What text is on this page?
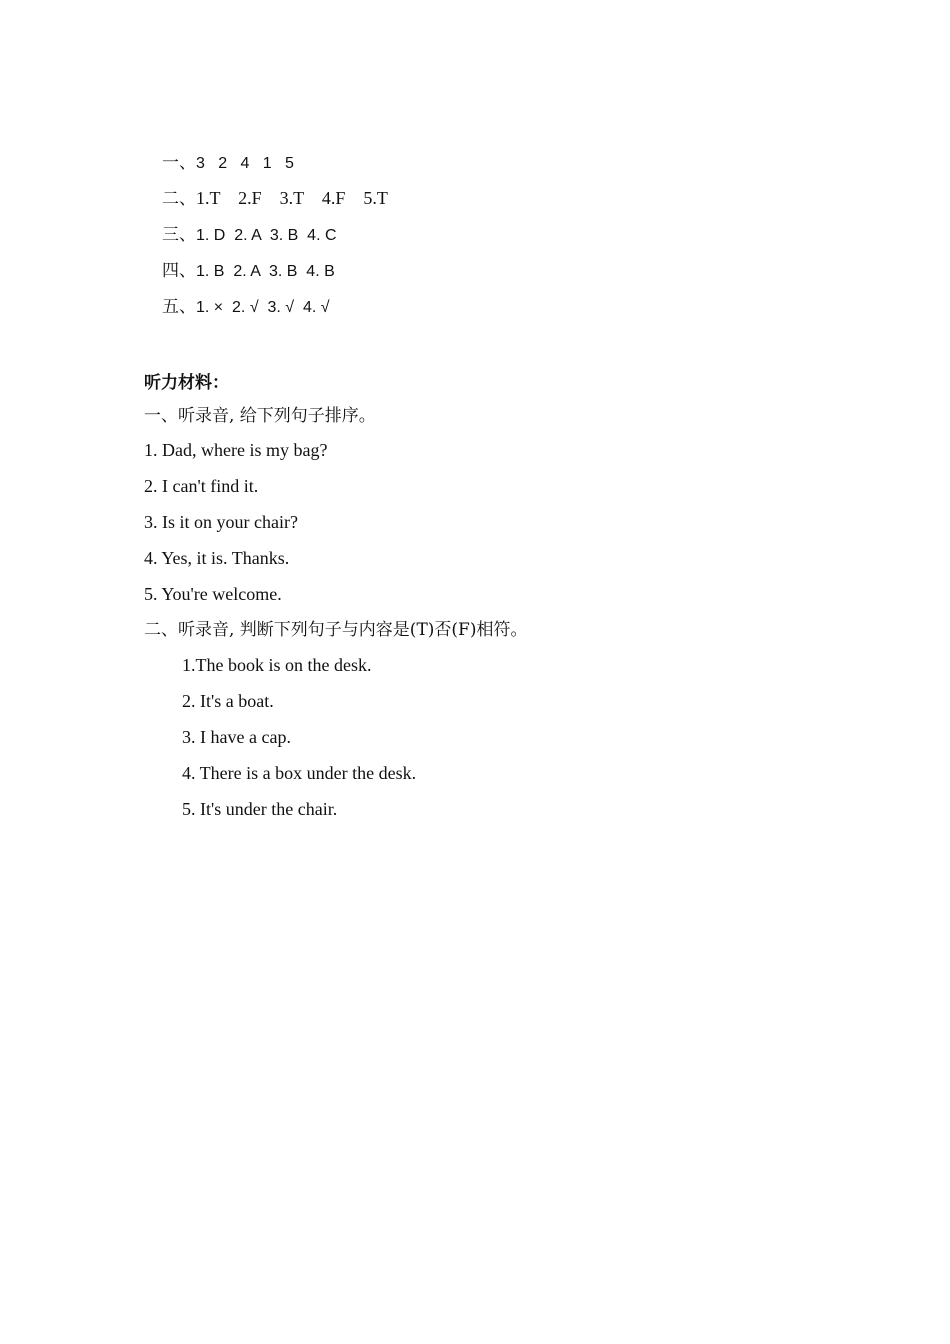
一、3   2   4   1   5

二、1.T    2.F    3.T    4.F    5.T

三、1. D  2. A  3. B  4. C

四、1. B  2. A  3. B  4. B

五、1. ×  2. √  3. √  4. √

听力材料：
一、听录音, 给下列句子排序。
1. Dad, where is my bag?
2. I can't find it.
3. Is it on your chair?
4. Yes, it is. Thanks.
5. You're welcome.
二、听录音, 判断下列句子与内容是(T)否(F)相符。
1.The book is on the desk.
2. It's a boat.
3. I have a cap.
4. There is a box under the desk.
5. It's under the chair.
